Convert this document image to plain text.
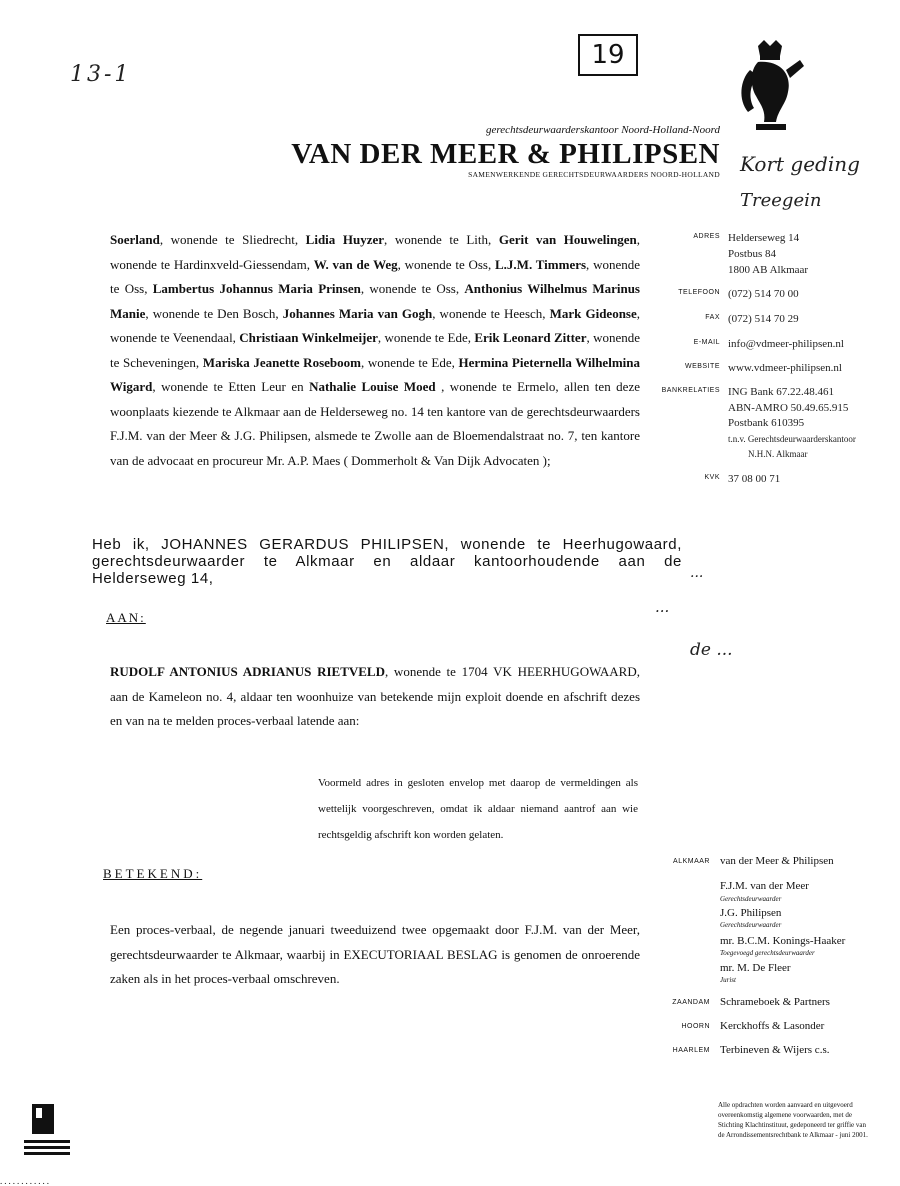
19
13-1
gerechtsdeurwaarderskantoor Noord-Holland-Noord
VAN DER MEER & PHILIPSEN
SAMENWERKENDE GERECHTSDEURWAARDERS NOORD-HOLLAND Kort geding
Treegein
ADRES Helderseweg 14
Postbus 84
1800 AB Alkmaar
TELEFOON (072) 514 70 00
FAX (072) 514 70 29
E-MAIL info@vdmeer-philipsen.nl
WEBSITE www.vdmeer-philipsen.nl
BANKRELATIES ING Bank 67.22.48.461
ABN-AMRO 50.49.65.915
Postbank 610395
t.n.v. Gerechtsdeurwaarderskantoor
N.H.N. Alkmaar
KVK 37 08 00 71
Soerland, wonende te Sliedrecht, Lidia Huyzer, wonende te Lith, Gerit van Houwelingen, wonende te Hardinxveld-Giessendam, W. van de Weg, wonende te Oss, L.J.M. Timmers, wonende te Oss, Lambertus Johannus Maria Prinsen, wonende te Oss, Anthonius Wilhelmus Marinus Manie, wonende te Den Bosch, Johannes Maria van Gogh, wonende te Heesch, Mark Gideonse, wonende te Veenendaal, Christiaan Winkelmeijer, wonende te Ede, Erik Leonard Zitter, wonende te Scheveningen, Mariska Jeanette Roseboom, wonende te Ede, Hermina Pieternella Wilhelmina Wigard, wonende te Etten Leur en Nathalie Louise Moed , wonende te Ermelo, allen ten deze woonplaats kiezende te Alkmaar aan de Helderseweg no. 14 ten kantore van de gerechtsdeurwaarders F.J.M. van der Meer & J.G. Philipsen, alsmede te Zwolle aan de Bloemendalstraat no. 7, ten kantore van de advocaat en procureur Mr. A.P. Maes ( Dommerholt & Van Dijk Advocaten );
Heb ik, JOHANNES GERARDUS PHILIPSEN, wonende te Heerhugowaard, gerechtsdeurwaarder te Alkmaar en aldaar kantoorhoudende aan de Helderseweg 14,
AAN:
RUDOLF ANTONIUS ADRIANUS RIETVELD, wonende te 1704 VK HEERHUGOWAARD, aan de Kameleon no. 4, aldaar ten woonhuize van betekende mijn exploit doende en afschrift dezes en van na te melden proces-verbaal latende aan:
Voormeld adres in gesloten envelop met daarop de vermeldingen als wettelijk voorgeschreven, omdat ik aldaar niemand aantrof aan wie rechtsgeldig afschrift kon worden gelaten.
BETEKEND:
Een proces-verbaal, de negende januari tweeduizend twee opgemaakt door F.J.M. van der Meer, gerechtsdeurwaarder te Alkmaar, waarbij in EXECUTORIAAL BESLAG is genomen de onroerende zaken als in het proces-verbaal omschreven.
...
...
de ...
ALKMAAR van der Meer & Philipsen
F.J.M. van der Meer
Gerechtsdeurwaarder
J.G. Philipsen
Gerechtsdeurwaarder
mr. B.C.M. Konings-Haaker
Toegevoegd gerechtsdeurwaarder
mr. M. De Fleer
Jurist
ZAANDAM Schrameboek & Partners
HOORN Kerckhoffs & Lasonder
HAARLEM Terbineven & Wijers c.s.
Alle opdrachten worden aanvaard en uitgevoerd overeenkomstig algemene voorwaarden, met de Stichting Klachtinstituut, gedeponeerd ter griffie van de Arrondissementsrechtbank te Alkmaar - juni 2001.
............
